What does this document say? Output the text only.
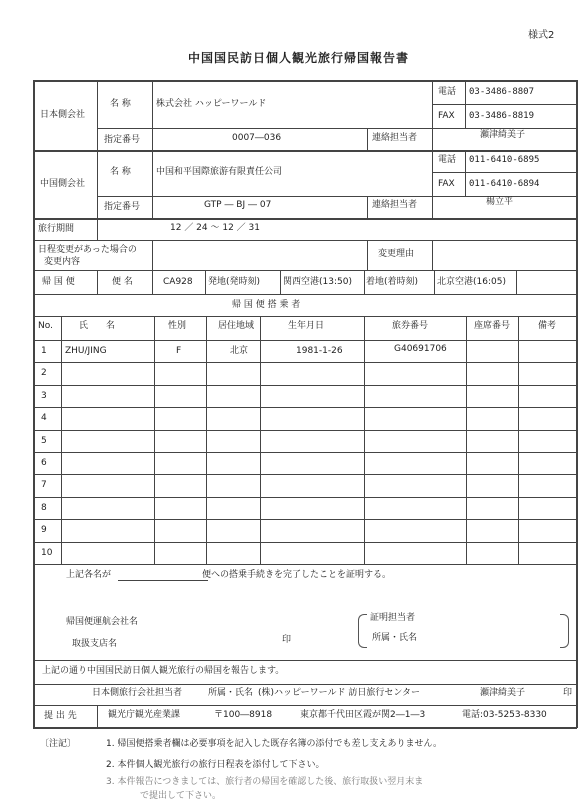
様式2
中国国民訪日個人観光旅行帰国報告書
日本側会社
名 称	株式会社 ハッピーワールド
電話 03-3486-8807
FAX 03-3486-8819
指定番号	0007―036	連絡担当者	瀬津綺美子
中国側会社
名 称	中国和平国際旅游有限責任公司
電話 011-6410-6895
FAX 011-6410-6894
指定番号	GTP ― BJ ― 07	連絡担当者	楊立平
旅行期間	12 ／ 24 〜 12 ／ 31
日程変更があった場合の
変更内容
変更理由
帰 国 便	便 名	CA928 発地(発時刻)	関西空港(13:50) 着地(着時刻) 北京空港(16:05)
帰 国 便 搭 乗 者
No.	氏　　名	性別	居住地域	生年月日	旅券番号	座席番号	備考
1 ZHU/JING	F	北京	1981-1-26	G40691706
2
3
4
5
6
7
8
9
10
上記各名が	便への搭乗手続きを完了したことを証明する。
帰国便運航会社名
取扱支店名	印
証明担当者
所属・氏名
上記の通り中国国民訪日個人観光旅行の帰国を報告します。
日本側旅行会社担当者	所属・氏名 (株)ハッピーワールド 訪日旅行センター	瀬津綺美子	印
提 出 先	観光庁観光産業課	〒100―8918	東京都千代田区霞が関2―1―3	電話:03-5253-8330
〔注記〕	1. 帰国便搭乗者欄は必要事項を記入した既存名簿の添付でも差し支えありません。
2. 本件個人観光旅行の旅行日程表を添付して下さい。
3. 本件報告につきましては、旅行者の帰国を確認した後、旅行取扱い翌月末ま
で提出して下さい。
